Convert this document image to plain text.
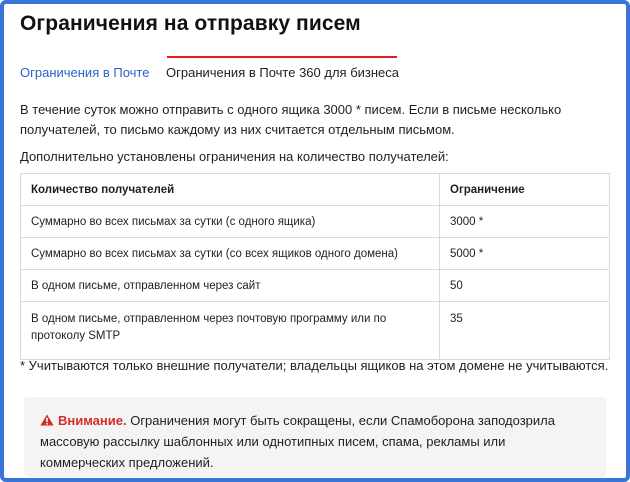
Ограничения на отправку писем
Ограничения в Почте Ограничения в Почте 360 для бизнеса
В течение суток можно отправить с одного ящика 3000 * писем. Если в письме несколько получателей, то письмо каждому из них считается отдельным письмом.
Дополнительно установлены ограничения на количество получателей:
Количество получателей	Ограничение
Суммарно во всех письмах за сутки (с одного ящика)	3000 *
Суммарно во всех письмах за сутки (со всех ящиков одного домена)	5000 *
В одном письме, отправленном через сайт	50
В одном письме, отправленном через почтовую программу или по протоколу SMTP	35
* Учитываются только внешние получатели; владельцы ящиков на этом домене не учитываются.
Внимание. Ограничения могут быть сокращены, если Спамоборона заподозрила массовую рассылку шаблонных или однотипных писем, спама, рекламы или коммерческих предложений.
